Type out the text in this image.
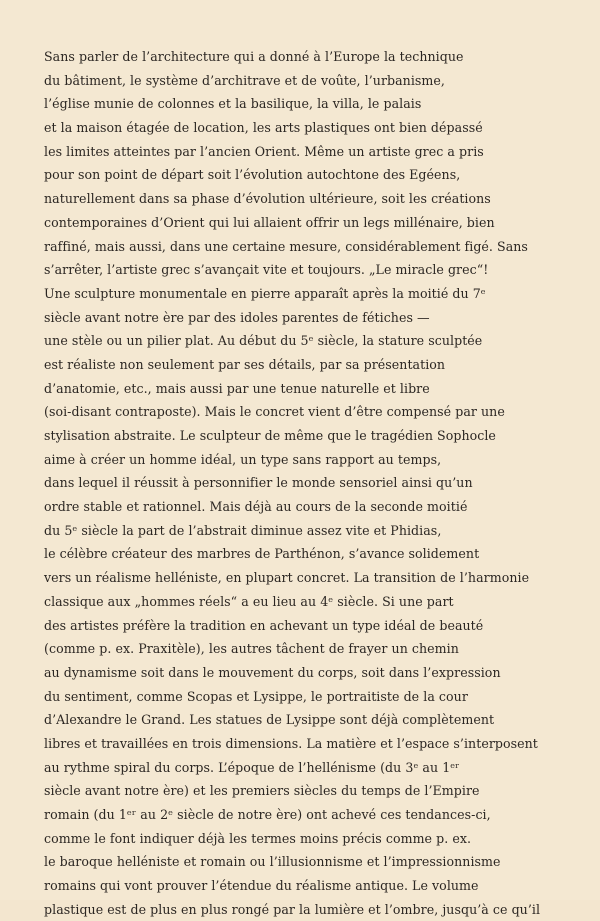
Sans parler de l’architecture qui a donné à l’Europe la technique
du bâtiment, le système d’architrave et de voûte, l’urbanisme,
l’église munie de colonnes et la basilique, la villa, le palais
et la maison étagée de location, les arts plastiques ont bien dépassé
les limites atteintes par l’ancien Orient. Même un artiste grec a pris
pour son point de départ soit l’évolution autochtone des Egéens,
naturellement dans sa phase d’évolution ultérieure, soit les créations
contemporaines d’Orient qui lui allaient offrir un legs millénaire, bien
raffiné, mais aussi, dans une certaine mesure, considérablement figé. Sans
s’arrêter, l’artiste grec s’avançait vite et toujours. „Le miracle grec“!
Une sculpture monumentale en pierre apparaît après la moitié du 7ᵉ
siècle avant notre ère par des idoles parentes de fétiches —
une stèle ou un pilier plat. Au début du 5ᵉ siècle, la stature sculptée
est réaliste non seulement par ses détails, par sa présentation
d’anatomie, etc., mais aussi par une tenue naturelle et libre
(soi-disant contraposte). Mais le concret vient d’être compensé par une
stylisation abstraite. Le sculpteur de même que le tragédien Sophocle
aime à créer un homme idéal, un type sans rapport au temps,
dans lequel il réussit à personnifier le monde sensoriel ainsi qu’un
ordre stable et rationnel. Mais déjà au cours de la seconde moitié
du 5ᵉ siècle la part de l’abstrait diminue assez vite et Phidias,
le célèbre créateur des marbres de Parthénon, s’avance solidement
vers un réalisme helléniste, en plupart concret. La transition de l’harmonie
classique aux „hommes réels“ a eu lieu au 4ᵉ siècle. Si une part
des artistes préfère la tradition en achevant un type idéal de beauté
(comme p. ex. Praxitèle), les autres tâchent de frayer un chemin
au dynamisme soit dans le mouvement du corps, soit dans l’expression
du sentiment, comme Scopas et Lysippe, le portraitiste de la cour
d’Alexandre le Grand. Les statues de Lysippe sont déjà complètement
libres et travaillées en trois dimensions. La matière et l’espace s’interposent
au rythme spiral du corps. L’époque de l’hellénisme (du 3ᵉ au 1ᵉʳ
siècle avant notre ère) et les premiers siècles du temps de l’Empire
romain (du 1ᵉʳ au 2ᵉ siècle de notre ère) ont achevé ces tendances-ci,
comme le font indiquer déjà les termes moins précis comme p. ex.
le baroque helléniste et romain ou l’illusionnisme et l’impressionnisme
romains qui vont prouver l’étendue du réalisme antique. Le volume
plastique est de plus en plus rongé par la lumière et l’ombre, jusqu’à ce qu’il
